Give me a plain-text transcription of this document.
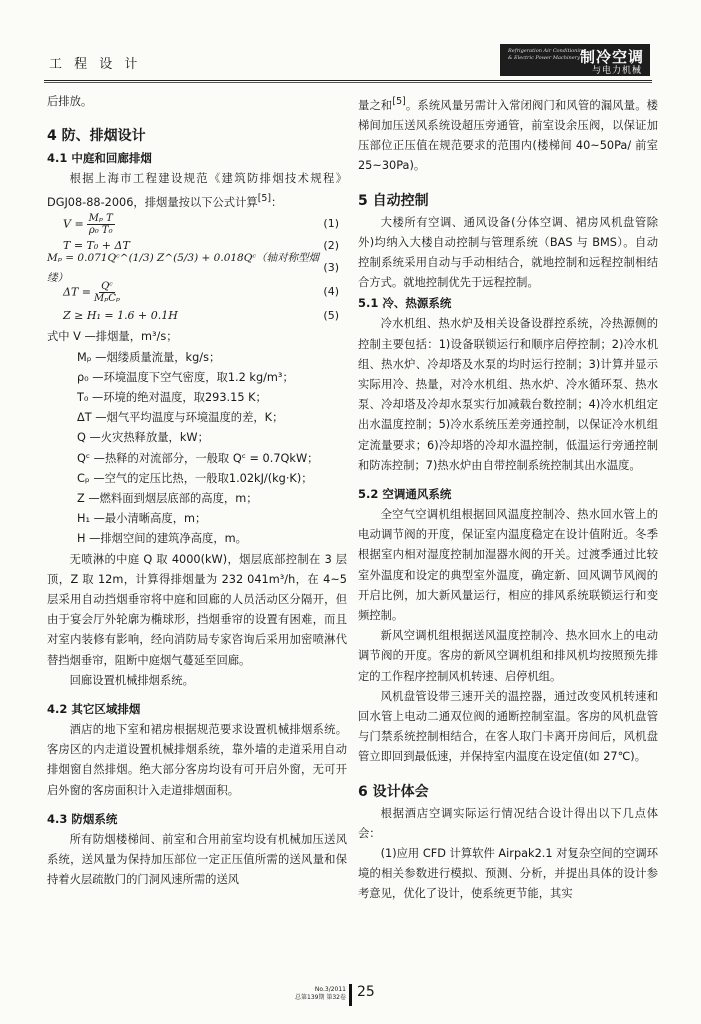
工 程 设 计
Refrigeration Air Conditioning
& Electric Power Machinery 制冷空调
与电力机械

后排放。

4 防、排烟设计
4.1 中庭和回廊排烟

根据上海市工程建设规范《建筑防排烟技术规程》DGJ08-88-2006，排烟量按以下公式计算[5]：

$V = \frac{\text{Mₚ T}}{\text{ρ₀ T₀}}$	(1)
T = T₀ + ΔT	(2)
Mₚ = 0.071Qᶜ^(1/3) Z^(5/3) + 0.018Qᶜ（轴对称型烟缕）
(3)
$\Delta T = \frac{\text{Qᶜ}}{\text{MₚCₚ}}$	(4)
Z ≥ H₁ = 1.6 + 0.1H	(5)
式中 V —排烟量，m³/s；
Mₚ —烟缕质量流量，kg/s；
ρ₀ —环境温度下空气密度，取1.2 kg/m³；
T₀ —环境的绝对温度，取293.15 K；
ΔT —烟气平均温度与环境温度的差，K；
Q —火灾热释放量，kW；
Qᶜ —热释的对流部分，一般取 Qᶜ = 0.7QkW；
Cₚ —空气的定压比热，一般取1.02kJ/(kg·K)；
Z —燃料面到烟层底部的高度，m；
H₁ —最小清晰高度，m；
H —排烟空间的建筑净高度，m。

无喷淋的中庭 Q 取 4000(kW)，烟层底部控制在 3 层顶，Z 取 12m，计算得排烟量为 232 041m³/h，在 4~5 层采用自动挡烟垂帘将中庭和回廊的人员活动区分隔开，但由于宴会厅外轮廓为椭球形，挡烟垂帘的设置有困难，而且对室内装修有影响，经向消防局专家咨询后采用加密喷淋代替挡烟垂帘，阻断中庭烟气蔓延至回廊。

回廊设置机械排烟系统。

4.2 其它区域排烟

酒店的地下室和裙房根据规范要求设置机械排烟系统。客房区的内走道设置机械排烟系统，靠外墙的走道采用自动排烟窗自然排烟。绝大部分客房均设有可开启外窗，无可开启外窗的客房面积计入走道排烟面积。

4.3 防烟系统

所有防烟楼梯间、前室和合用前室均设有机械加压送风系统，送风量为保持加压部位一定正压值所需的送风量和保持着火层疏散门的门洞风速所需的送风

量之和[5]。系统风量另需计入常闭阀门和风管的漏风量。楼梯间加压送风系统设超压旁通管，前室设余压阀，以保证加压部位正压值在规范要求的范围内(楼梯间 40~50Pa/ 前室 25~30Pa)。

5 自动控制

大楼所有空调、通风设备(分体空调、裙房风机盘管除外)均纳入大楼自动控制与管理系统（BAS 与 BMS）。自动控制系统采用自动与手动相结合，就地控制和远程控制相结合方式。就地控制优先于远程控制。

5.1 冷、热源系统

冷水机组、热水炉及相关设备设群控系统，冷热源侧的控制主要包括：1)设备联锁运行和顺序启停控制；2)冷水机组、热水炉、冷却塔及水泵的均时运行控制；3)计算并显示实际用冷、热量，对冷水机组、热水炉、冷水循环泵、热水泵、冷却塔及冷却水泵实行加减载台数控制；4)冷水机组定出水温度控制；5)冷水系统压差旁通控制，以保证冷水机组定流量要求；6)冷却塔的冷却水温控制，低温运行旁通控制和防冻控制；7)热水炉由自带控制系统控制其出水温度。

5.2 空调通风系统

全空气空调机组根据回风温度控制冷、热水回水管上的电动调节阀的开度，保证室内温度稳定在设计值附近。冬季根据室内相对湿度控制加湿器水阀的开关。过渡季通过比较室外温度和设定的典型室外温度，确定新、回风调节风阀的开启比例，加大新风量运行，相应的排风系统联锁运行和变频控制。

新风空调机组根据送风温度控制冷、热水回水上的电动调节阀的开度。客房的新风空调机组和排风机均按照预先排定的工作程序控制风机转速、启停机组。

风机盘管设带三速开关的温控器，通过改变风机转速和回水管上电动二通双位阀的通断控制室温。客房的风机盘管与门禁系统控制相结合，在客人取门卡离开房间后，风机盘管立即回到最低速，并保持室内温度在设定值(如 27℃)。

6 设计体会

根据酒店空调实际运行情况结合设计得出以下几点体会：

(1)应用 CFD 计算软件 Airpak2.1 对复杂空间的空调环境的相关参数进行模拟、预测、分析，并提出具体的设计参考意见，优化了设计，使系统更节能，其实

No.3/2011
总第139期 第32卷 25
